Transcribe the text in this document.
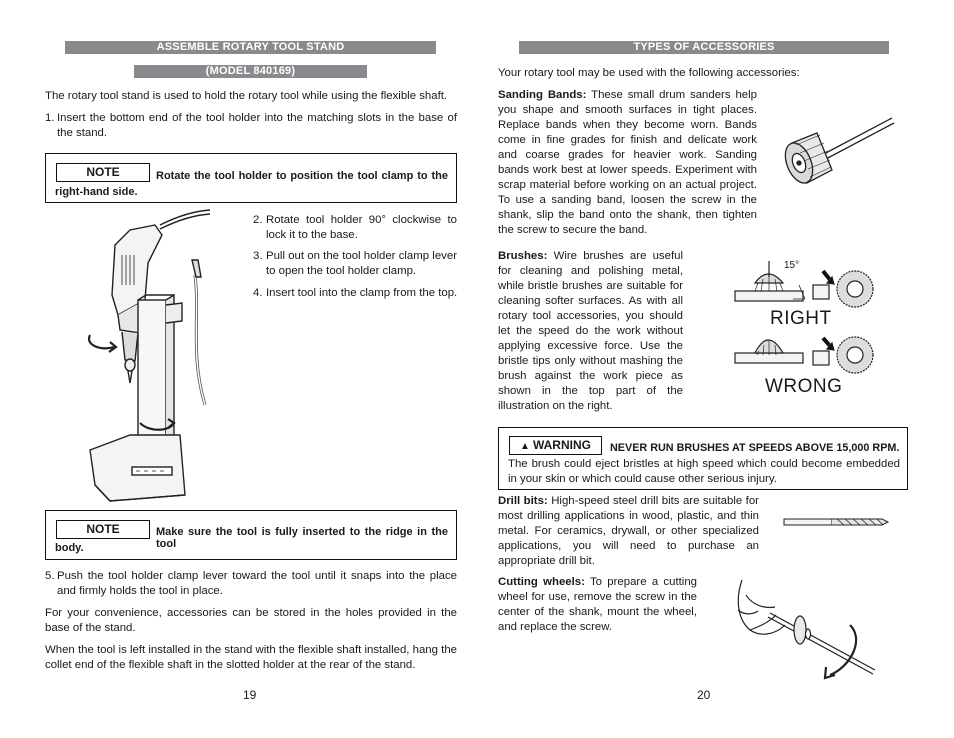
ASSEMBLE ROTARY TOOL STAND
(MODEL 840169)
The rotary tool stand is used to hold the rotary tool while using the flexible shaft.
1. Insert the bottom end of the tool holder into the matching slots in the base of the stand.
NOTE	Rotate the tool holder to position the tool clamp to the
right-hand side.
2. Rotate tool holder 90° clockwise to lock it to the base.
3. Pull out on the tool holder clamp lever to open the tool holder clamp.
4. Insert tool into the clamp from the top.
NOTE	Make sure the tool is fully inserted to the ridge in the tool
body.
5. Push the tool holder clamp lever toward the tool until it snaps into the place and firmly holds the tool in place.
For your convenience, accessories can be stored in the holes provided in the base of the stand.
When the tool is left installed in the stand with the flexible shaft installed, hang the collet end of the flexible shaft in the slotted holder at the rear of the stand.
19
TYPES OF ACCESSORIES
Your rotary tool may be used with the following accessories:
Sanding Bands: These small drum sanders help you shape and smooth surfaces in tight places. Replace bands when they become worn. Bands come in fine grades for finish and delicate work and coarse grades for heavier work. Sanding bands work best at lower speeds. Experiment with scrap material before working on an actual project. To use a sanding band, loosen the screw in the shank, slip the band onto the shank, then tighten the screw to secure the band.
Brushes: Wire brushes are useful for cleaning and polishing metal, while bristle brushes are suitable for cleaning softer surfaces. As with all rotary tool accessories, you should let the speed do the work without applying excessive force. Use the bristle tips only without mashing the brush against the work piece as shown in the top part of the illustration on the right.
15°
RIGHT
WRONG
▲ WARNING	NEVER RUN BRUSHES AT SPEEDS ABOVE 15,000 RPM.
The brush could eject bristles at high speed which could become embedded in your skin or which could cause other serious injury.
Drill bits: High-speed steel drill bits are suitable for most drilling applications in wood, plastic, and thin metal. For ceramics, drywall, or other specialized applications, you will need to purchase an appropriate drill bit.
Cutting wheels: To prepare a cutting wheel for use, remove the screw in the center of the shank, mount the wheel, and replace the screw.
20
